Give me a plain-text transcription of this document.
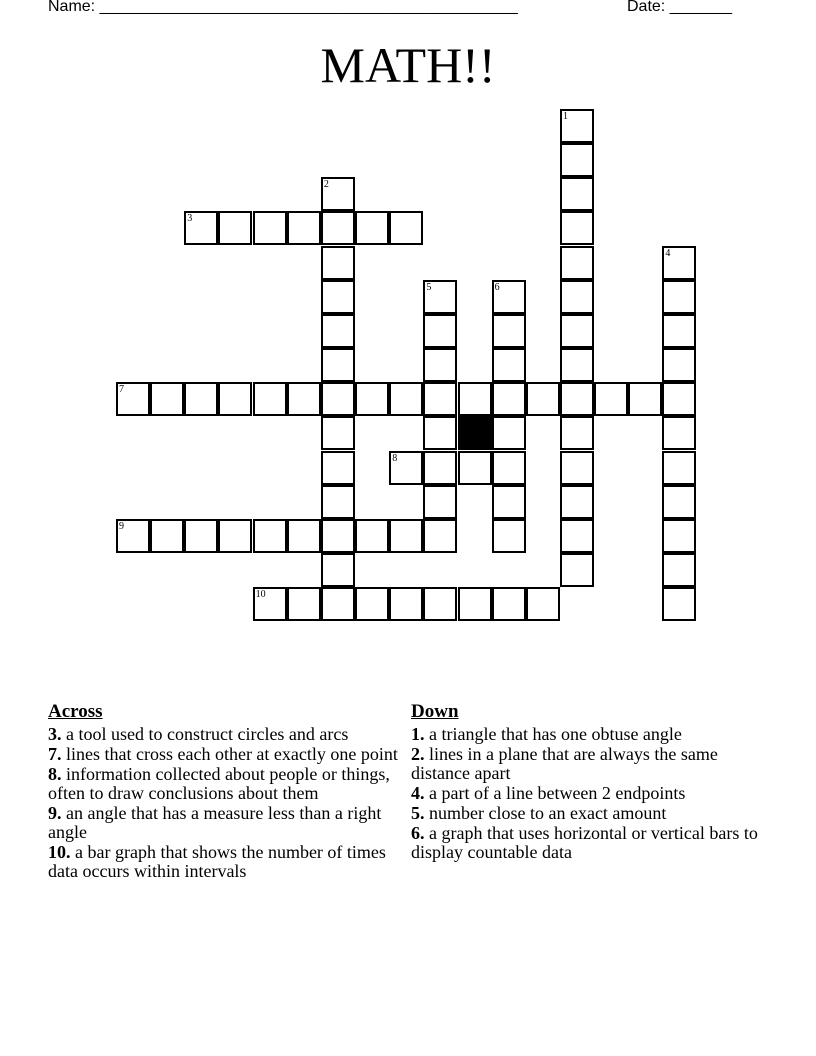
Name: _______________________________________________	Date: _______
MATH!!
1
2
3
4
5	6
7
8
9
10
Across
3. a tool used to construct circles and arcs
7. lines that cross each other at exactly one point
8. information collected about people or things, often to draw conclusions about them
9. an angle that has a measure less than a right angle
10. a bar graph that shows the number of times data occurs within intervals
Down
1. a triangle that has one obtuse angle
2. lines in a plane that are always the same distance apart
4. a part of a line between 2 endpoints
5. number close to an exact amount
6. a graph that uses horizontal or vertical bars to display countable data
